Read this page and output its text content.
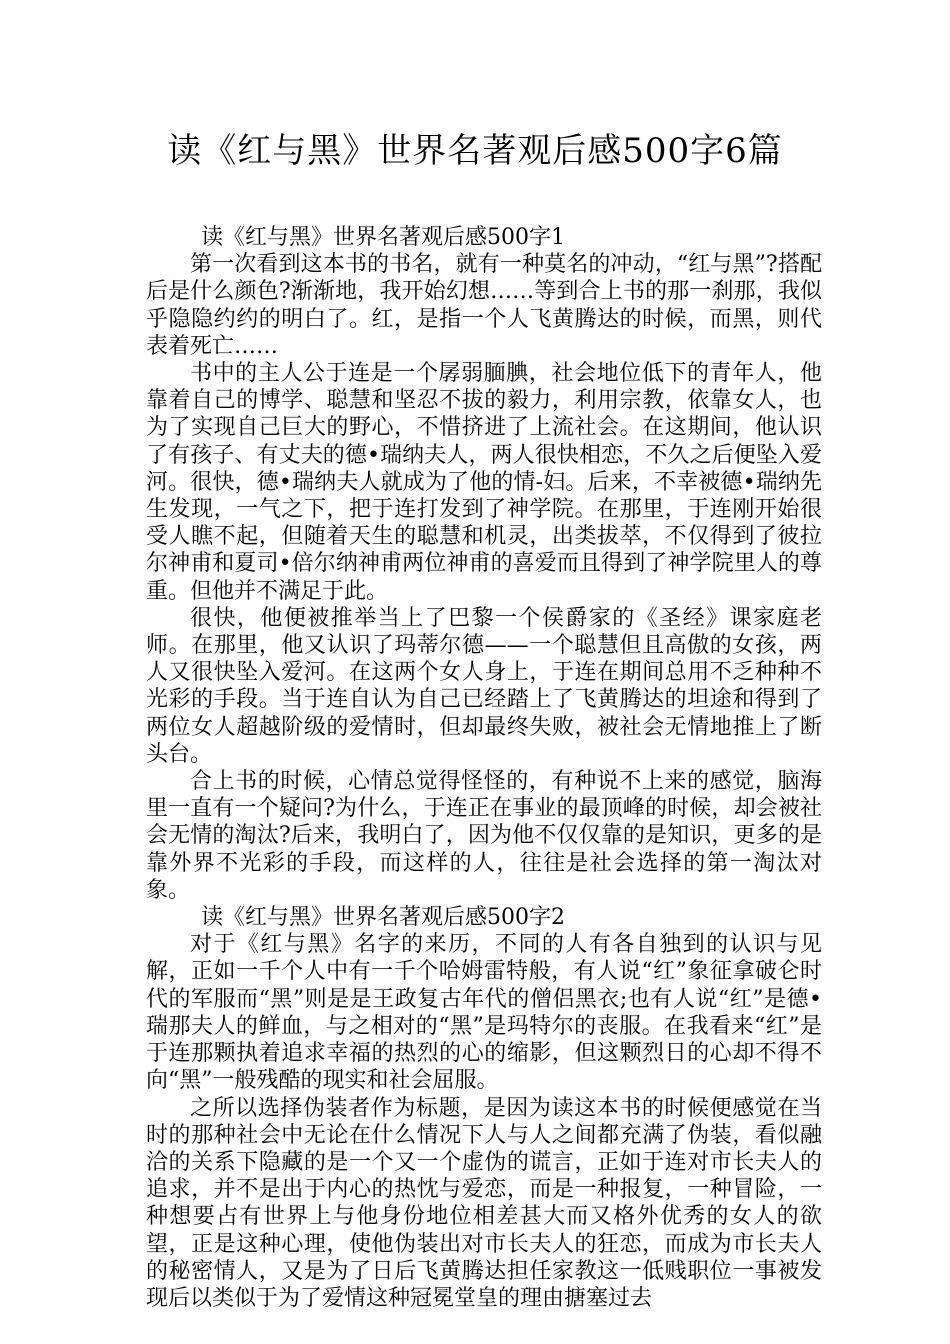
读《红与黑》世界名著观后感500字6篇

读《红与黑》世界名著观后感500字1

第一次看到这本书的书名，就有一种莫名的冲动，“红与黑”?搭配后是什么颜色?渐渐地，我开始幻想……等到合上书的那一刹那，我似乎隐隐约约的明白了。红，是指一个人飞黄腾达的时候，而黑，则代表着死亡……

书中的主人公于连是一个孱弱腼腆，社会地位低下的青年人，他靠着自己的博学、聪慧和坚忍不拔的毅力，利用宗教，依靠女人，也为了实现自己巨大的野心，不惜挤进了上流社会。在这期间，他认识了有孩子、有丈夫的德•瑞纳夫人，两人很快相恋，不久之后便坠入爱河。很快，德•瑞纳夫人就成为了他的情-妇。后来，不幸被德•瑞纳先生发现，一气之下，把于连打发到了神学院。在那里，于连刚开始很受人瞧不起，但随着天生的聪慧和机灵，出类拔萃，不仅得到了彼拉尔神甫和夏司•倍尔纳神甫两位神甫的喜爱而且得到了神学院里人的尊重。但他并不满足于此。

很快，他便被推举当上了巴黎一个侯爵家的《圣经》课家庭老师。在那里，他又认识了玛蒂尔德——一个聪慧但且高傲的女孩，两人又很快坠入爱河。在这两个女人身上，于连在期间总用不乏种种不光彩的手段。当于连自认为自己已经踏上了飞黄腾达的坦途和得到了两位女人超越阶级的爱情时，但却最终失败，被社会无情地推上了断头台。

合上书的时候，心情总觉得怪怪的，有种说不上来的感觉，脑海里一直有一个疑问?为什么，于连正在事业的最顶峰的时候，却会被社会无情的淘汰?后来，我明白了，因为他不仅仅靠的是知识，更多的是靠外界不光彩的手段，而这样的人，往往是社会选择的第一淘汰对象。

读《红与黑》世界名著观后感500字2

对于《红与黑》名字的来历，不同的人有各自独到的认识与见解，正如一千个人中有一千个哈姆雷特般，有人说“红”象征拿破仑时代的军服而“黑”则是是王政复古年代的僧侣黑衣;也有人说“红”是德•瑞那夫人的鲜血，与之相对的“黑”是玛特尔的丧服。在我看来“红”是于连那颗执着追求幸福的热烈的心的缩影，但这颗烈日的心却不得不向“黑”一般残酷的现实和社会屈服。

之所以选择伪装者作为标题，是因为读这本书的时候便感觉在当时的那种社会中无论在什么情况下人与人之间都充满了伪装，看似融洽的关系下隐藏的是一个又一个虚伪的谎言，正如于连对市长夫人的追求，并不是出于内心的热忱与爱恋，而是一种报复，一种冒险，一种想要占有世界上与他身份地位相差甚大而又格外优秀的女人的欲望，正是这种心理，使他伪装出对市长夫人的狂恋，而成为市长夫人的秘密情人，又是为了日后飞黄腾达担任家教这一低贱职位一事被发现后以类似于为了爱情这种冠冕堂皇的理由搪塞过去
